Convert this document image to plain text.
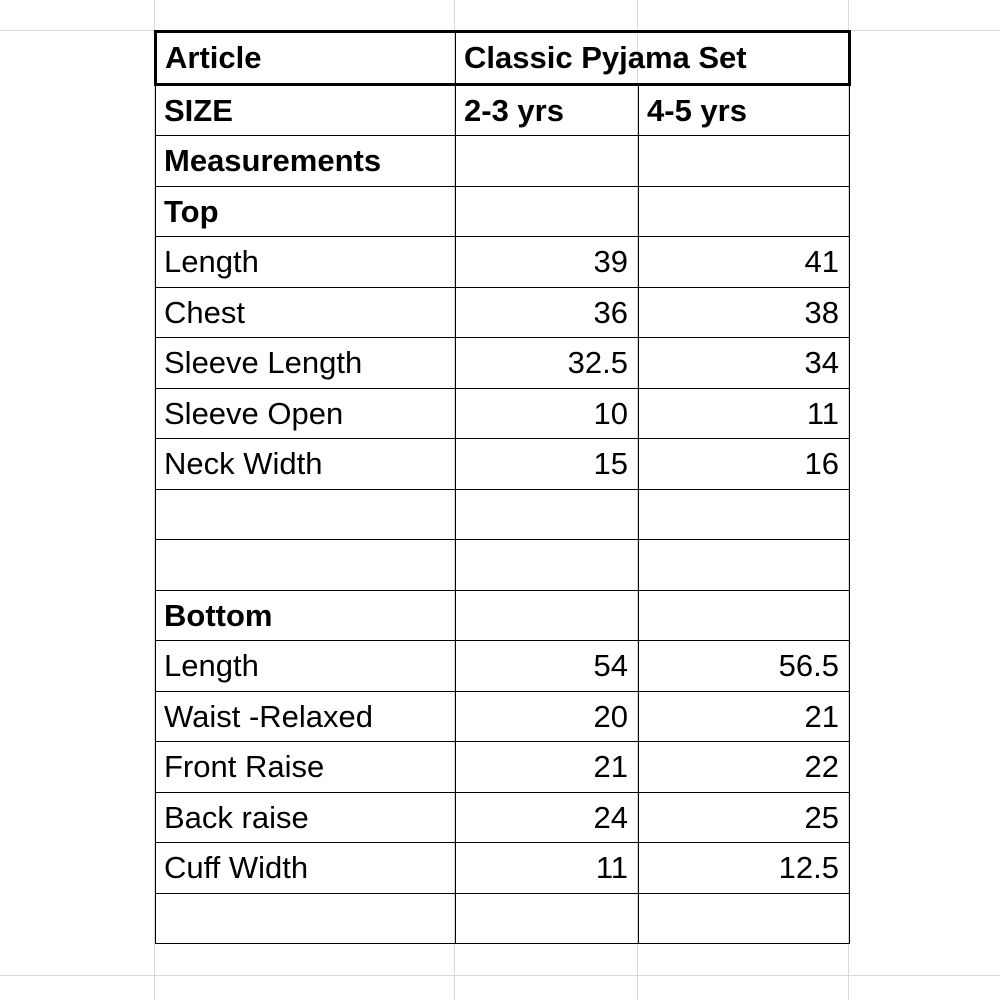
Article	Classic Pyjama Set	
SIZE	2-3 yrs	4-5 yrs
Measurements		
Top		
Length	39	41
Chest	36	38
Sleeve Length	32.5	34
Sleeve Open	10	11
Neck Width	15	16

Bottom		
Length	54	56.5
Waist -Relaxed	20	21
Front Raise	21	22
Back raise	24	25
Cuff Width	11	12.5
